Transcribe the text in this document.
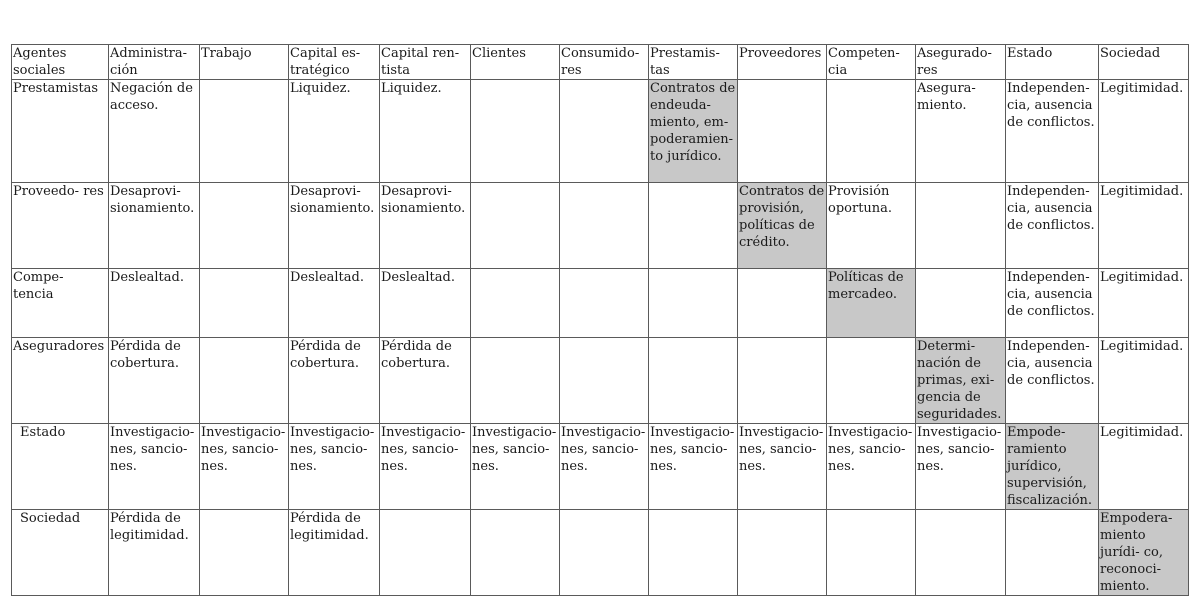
Agentes sociales	Administra- ción	Trabajo	Capital es- tratégico	Capital ren- tista	Clientes	Consumido- res	Prestamis- tas	Proveedores	Competen- cia	Asegurado- res	Estado	Sociedad
Prestamistas	Negación de acceso.		Liquidez.	Liquidez.			Contratos de endeuda- miento, em- poderamien- to jurídico.			Asegura- miento.	Independen- cia, ausencia de conflictos.	Legitimidad.
Proveedo- res	Desaprovi- sionamiento.		Desaprovi- sionamiento.	Desaprovi- sionamiento.				Contratos de provisión, políticas de crédito.	Provisión oportuna.		Independen- cia, ausencia de conflictos.	Legitimidad.
Compe- tencia	Deslealtad.		Deslealtad.	Deslealtad.					Políticas de mercadeo.		Independen- cia, ausencia de conflictos.	Legitimidad.
Aseguradores	Pérdida de cobertura.		Pérdida de cobertura.	Pérdida de cobertura.						Determi- nación de primas, exi- gencia de seguridades.	Independen- cia, ausencia de conflictos.	Legitimidad.
Estado	Investigacio- nes, sancio- nes.	Investigacio- nes, sancio- nes.	Investigacio- nes, sancio- nes.	Investigacio- nes, sancio- nes.	Investigacio- nes, sancio- nes.	Investigacio- nes, sancio- nes.	Investigacio- nes, sancio- nes.	Investigacio- nes, sancio- nes.	Investigacio- nes, sancio- nes.	Investigacio- nes, sancio- nes.	Empode- ramiento jurídico, supervisión, fiscalización.	Legitimidad.
Sociedad	Pérdida de legitimidad.		Pérdida de legitimidad.									Empodera- miento jurídi- co, reconoci- miento.
